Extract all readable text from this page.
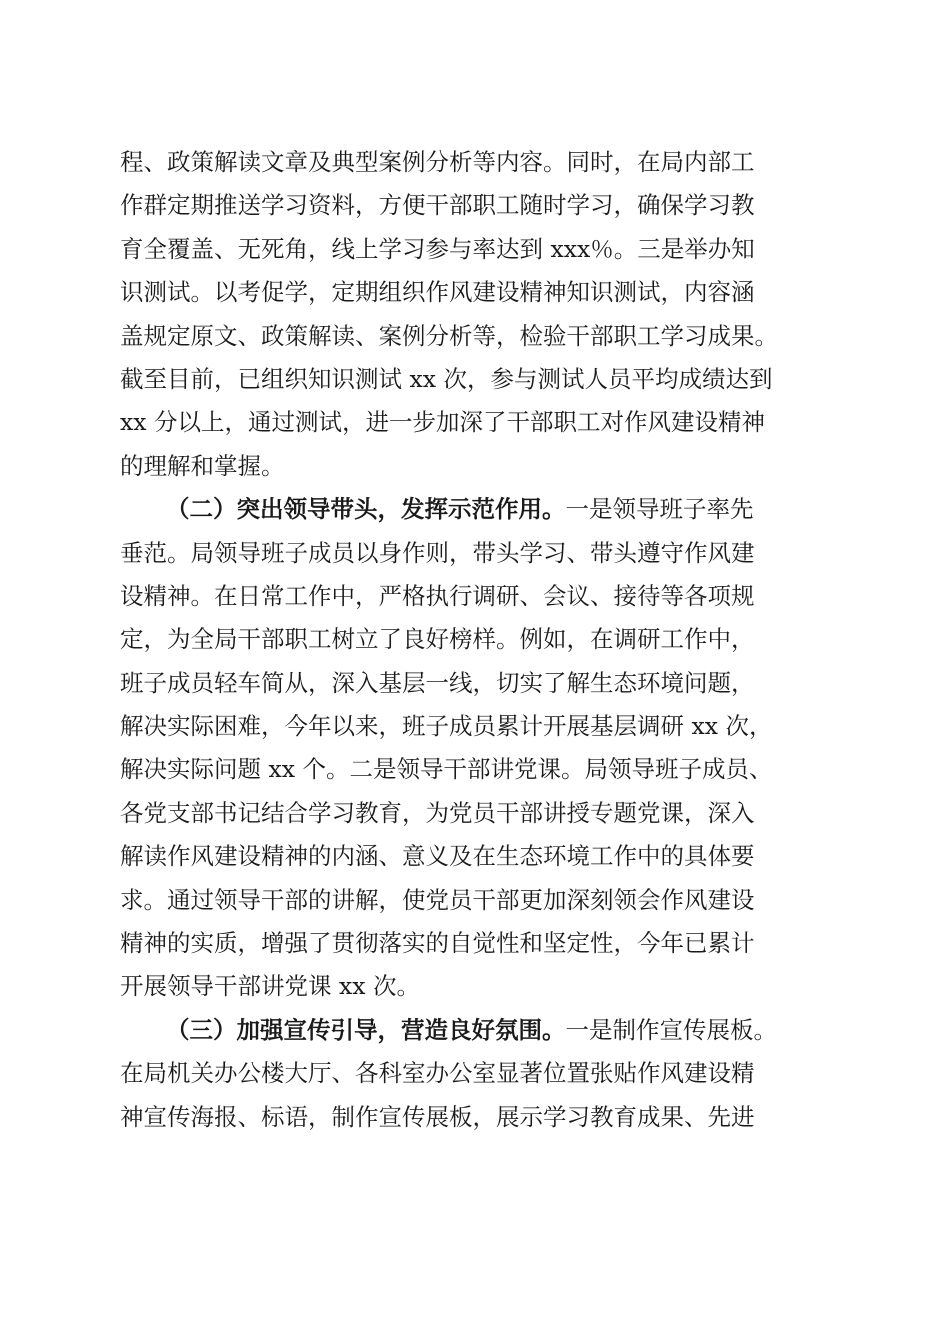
程、政策解读文章及典型案例分析等内容。同时，在局内部工
作群定期推送学习资料，方便干部职工随时学习，确保学习教
育全覆盖、无死角，线上学习参与率达到 xxx％。三是举办知
识测试。以考促学，定期组织作风建设精神知识测试，内容涵
盖规定原文、政策解读、案例分析等，检验干部职工学习成果。
截至目前，已组织知识测试 xx 次，参与测试人员平均成绩达到
xx 分以上，通过测试，进一步加深了干部职工对作风建设精神
的理解和掌握。
（二）突出领导带头，发挥示范作用。一是领导班子率先
垂范。局领导班子成员以身作则，带头学习、带头遵守作风建
设精神。在日常工作中，严格执行调研、会议、接待等各项规
定，为全局干部职工树立了良好榜样。例如，在调研工作中，
班子成员轻车简从，深入基层一线，切实了解生态环境问题，
解决实际困难，今年以来，班子成员累计开展基层调研 xx 次，
解决实际问题 xx 个。二是领导干部讲党课。局领导班子成员、
各党支部书记结合学习教育，为党员干部讲授专题党课，深入
解读作风建设精神的内涵、意义及在生态环境工作中的具体要
求。通过领导干部的讲解，使党员干部更加深刻领会作风建设
精神的实质，增强了贯彻落实的自觉性和坚定性，今年已累计
开展领导干部讲党课 xx 次。
（三）加强宣传引导，营造良好氛围。一是制作宣传展板。
在局机关办公楼大厅、各科室办公室显著位置张贴作风建设精
神宣传海报、标语，制作宣传展板，展示学习教育成果、先进
